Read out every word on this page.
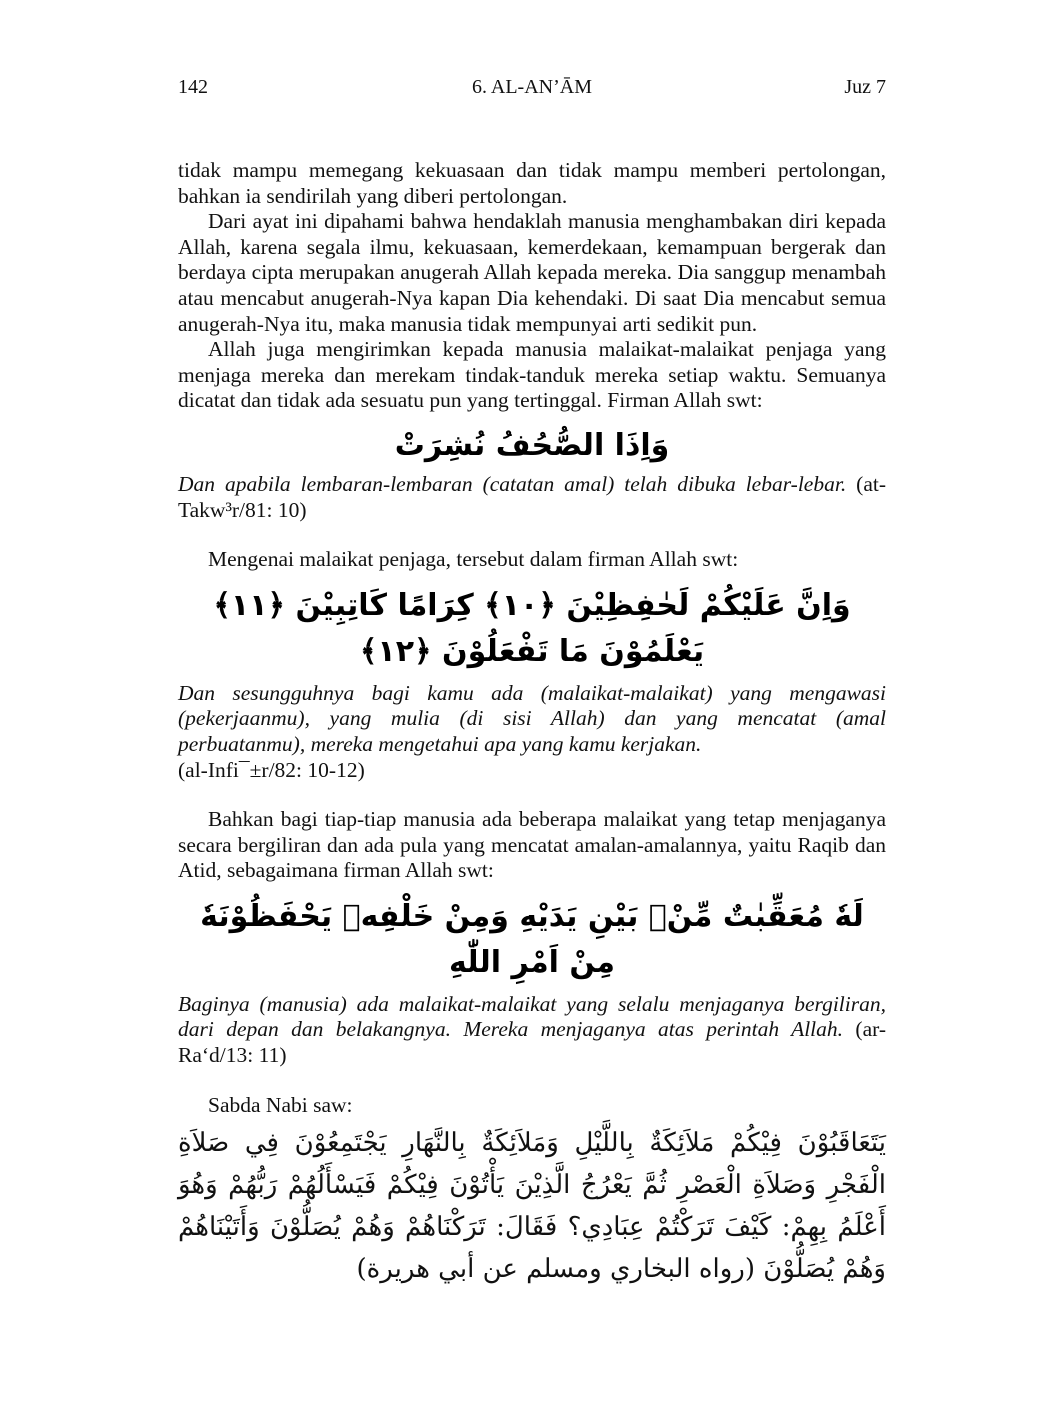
142	6. AL-AN’ĀM	Juz 7

tidak mampu memegang kekuasaan dan tidak mampu memberi pertolongan, bahkan ia sendirilah yang diberi pertolongan.

Dari ayat ini dipahami bahwa hendaklah manusia menghambakan diri kepada Allah, karena segala ilmu, kekuasaan, kemerdekaan, kemampuan bergerak dan berdaya cipta merupakan anugerah Allah kepada mereka. Dia sanggup menambah atau mencabut anugerah-Nya kapan Dia kehendaki. Di saat Dia mencabut semua anugerah-Nya itu, maka manusia tidak mempunyai arti sedikit pun.

Allah juga mengirimkan kepada manusia malaikat-malaikat penjaga yang menjaga mereka dan merekam tindak-tanduk mereka setiap waktu. Semuanya dicatat dan tidak ada sesuatu pun yang tertinggal. Firman Allah swt:

وَاِذَا الصُّحُفُ نُشِرَتْ

Dan apabila lembaran-lembaran (catatan amal) telah dibuka lebar-lebar. (at-Takw³r/81: 10)

Mengenai malaikat penjaga, tersebut dalam firman Allah swt:

وَاِنَّ عَلَيْكُمْ لَحٰفِظِيْنَ ﴿١٠﴾ كِرَامًا كَاتِبِيْنَ ﴿١١﴾ يَعْلَمُوْنَ مَا تَفْعَلُوْنَ ﴿١٢﴾

Dan sesungguhnya bagi kamu ada (malaikat-malaikat) yang mengawasi (pekerjaanmu), yang mulia (di sisi Allah) dan yang mencatat (amal perbuatanmu), mereka mengetahui apa yang kamu kerjakan.

(al-Infi¯±r/82: 10-12)

Bahkan bagi tiap-tiap manusia ada beberapa malaikat yang tetap menjaganya secara bergiliran dan ada pula yang mencatat amalan-amalannya, yaitu Raqib dan Atid, sebagaimana firman Allah swt:

لَهٗ مُعَقِّبٰتٌ مِّنْۢ بَيْنِ يَدَيْهِ وَمِنْ خَلْفِهٖ يَحْفَظُوْنَهٗ مِنْ اَمْرِ اللّٰهِ

Baginya (manusia) ada malaikat-malaikat yang selalu menjaganya bergiliran, dari depan dan belakangnya. Mereka menjaganya atas perintah Allah. (ar-Ra‘d/13: 11)

Sabda Nabi saw:

يَتَعَاقَبُوْنَ فِيْكُمْ مَلاَئِكَةٌ بِاللَّيْلِ وَمَلاَئِكَةٌ بِالنَّهَارِ يَجْتَمِعُوْنَ فِي صَلاَةِ الْفَجْرِ وَصَلاَةِ الْعَصْرِ ثُمَّ يَعْرُجُ الَّذِيْنَ يَأْتُوْنَ فِيْكُمْ فَيَسْأَلُهُمْ رَبُّهُمْ وَهُوَ أَعْلَمُ بِهِمْ: كَيْفَ تَرَكْتُمْ عِبَادِي؟ فَقَالَ: تَرَكْنَاهُمْ وَهُمْ يُصَلُّوْنَ وَأَتَيْنَاهُمْ وَهُمْ يُصَلُّوْنَ (رواه البخاري ومسلم عن أبي هريرة)
